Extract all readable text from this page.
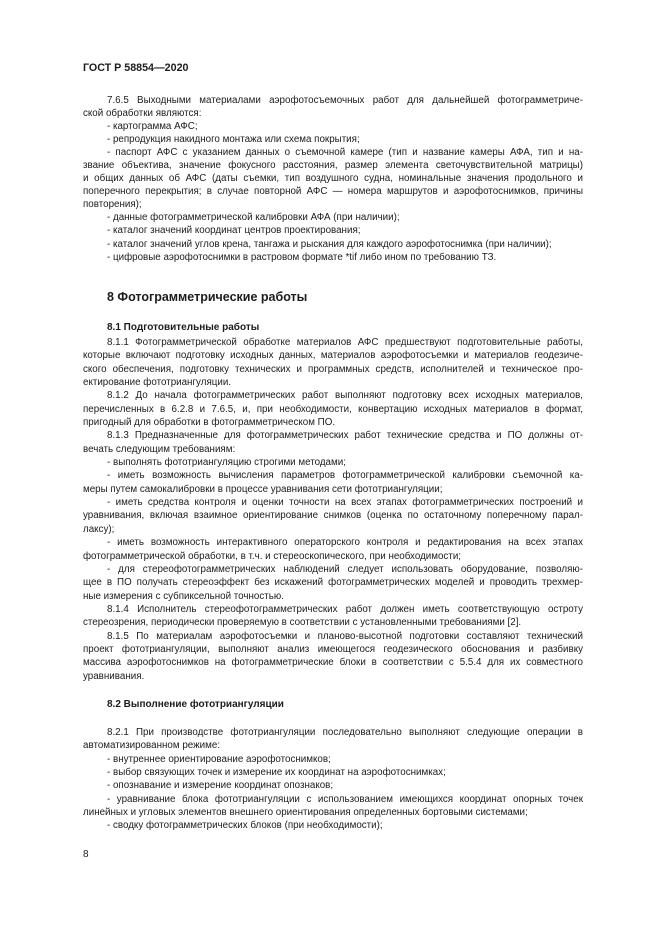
ГОСТ Р 58854—2020
7.6.5 Выходными материалами аэрофотосъемочных работ для дальнейшей фотограмметриче-
ской обработки являются:
- картограмма АФС;
- репродукция накидного монтажа или схема покрытия;
- паспорт АФС с указанием данных о съемочной камере (тип и название камеры АФА, тип и на-
звание объектива, значение фокусного расстояния, размер элемента светочувствительной матрицы)
и общих данных об АФС (даты съемки, тип воздушного судна, номинальные значения продольного и
поперечного перекрытия; в случае повторной АФС — номера маршрутов и аэрофотоснимков, причины
повторения);
- данные фотограмметрической калибровки АФА (при наличии);
- каталог значений координат центров проектирования;
- каталог значений углов крена, тангажа и рыскания для каждого аэрофотоснимка (при наличии);
- цифровые аэрофотоснимки в растровом формате *tif либо ином по требованию ТЗ.
8 Фотограмметрические работы
8.1 Подготовительные работы
8.1.1 Фотограмметрической обработке материалов АФС предшествуют подготовительные работы,
которые включают подготовку исходных данных, материалов аэрофотосъемки и материалов геодезиче-
ского обеспечения, подготовку технических и программных средств, исполнителей и техническое про-
ектирование фототриангуляции.
8.1.2 До начала фотограмметрических работ выполняют подготовку всех исходных материалов,
перечисленных в 6.2.8 и 7.6.5, и, при необходимости, конвертацию исходных материалов в формат,
пригодный для обработки в фотограмметрическом ПО.
8.1.3 Предназначенные для фотограмметрических работ технические средства и ПО должны от-
вечать следующим требованиям:
- выполнять фототриангуляцию строгими методами;
- иметь возможность вычисления параметров фотограмметрической калибровки съемочной ка-
меры путем самокалибровки в процессе уравнивания сети фототриангуляции;
- иметь средства контроля и оценки точности на всех этапах фотограмметрических построений и
уравнивания, включая взаимное ориентирование снимков (оценка по остаточному поперечному парал-
лаксу);
- иметь возможность интерактивного операторского контроля и редактирования на всех этапах
фотограмметрической обработки, в т.ч. и стереоскопического, при необходимости;
- для стереофотограмметрических наблюдений следует использовать оборудование, позволяю-
щее в ПО получать стереоэффект без искажений фотограмметрических моделей и проводить трехмер-
ные измерения с субпиксельной точностью.
8.1.4 Исполнитель стереофотограмметрических работ должен иметь соответствующую остроту
стереозрения, периодически проверяемую в соответствии с установленными требованиями [2].
8.1.5 По материалам аэрофотосъемки и планово-высотной подготовки составляют технический
проект фототриангуляции, выполняют анализ имеющегося геодезического обоснования и разбивку
массива аэрофотоснимков на фотограмметрические блоки в соответствии с 5.5.4 для их совместного
уравнивания.
8.2 Выполнение фототриангуляции
8.2.1 При производстве фототриангуляции последовательно выполняют следующие операции в
автоматизированном режиме:
- внутреннее ориентирование аэрофотоснимков;
- выбор связующих точек и измерение их координат на аэрофотоснимках;
- опознавание и измерение координат опознаков;
- уравнивание блока фототриангуляции с использованием имеющихся координат опорных точек
линейных и угловых элементов внешнего ориентирования определенных бортовыми системами;
- сводку фотограмметрических блоков (при необходимости);
8
